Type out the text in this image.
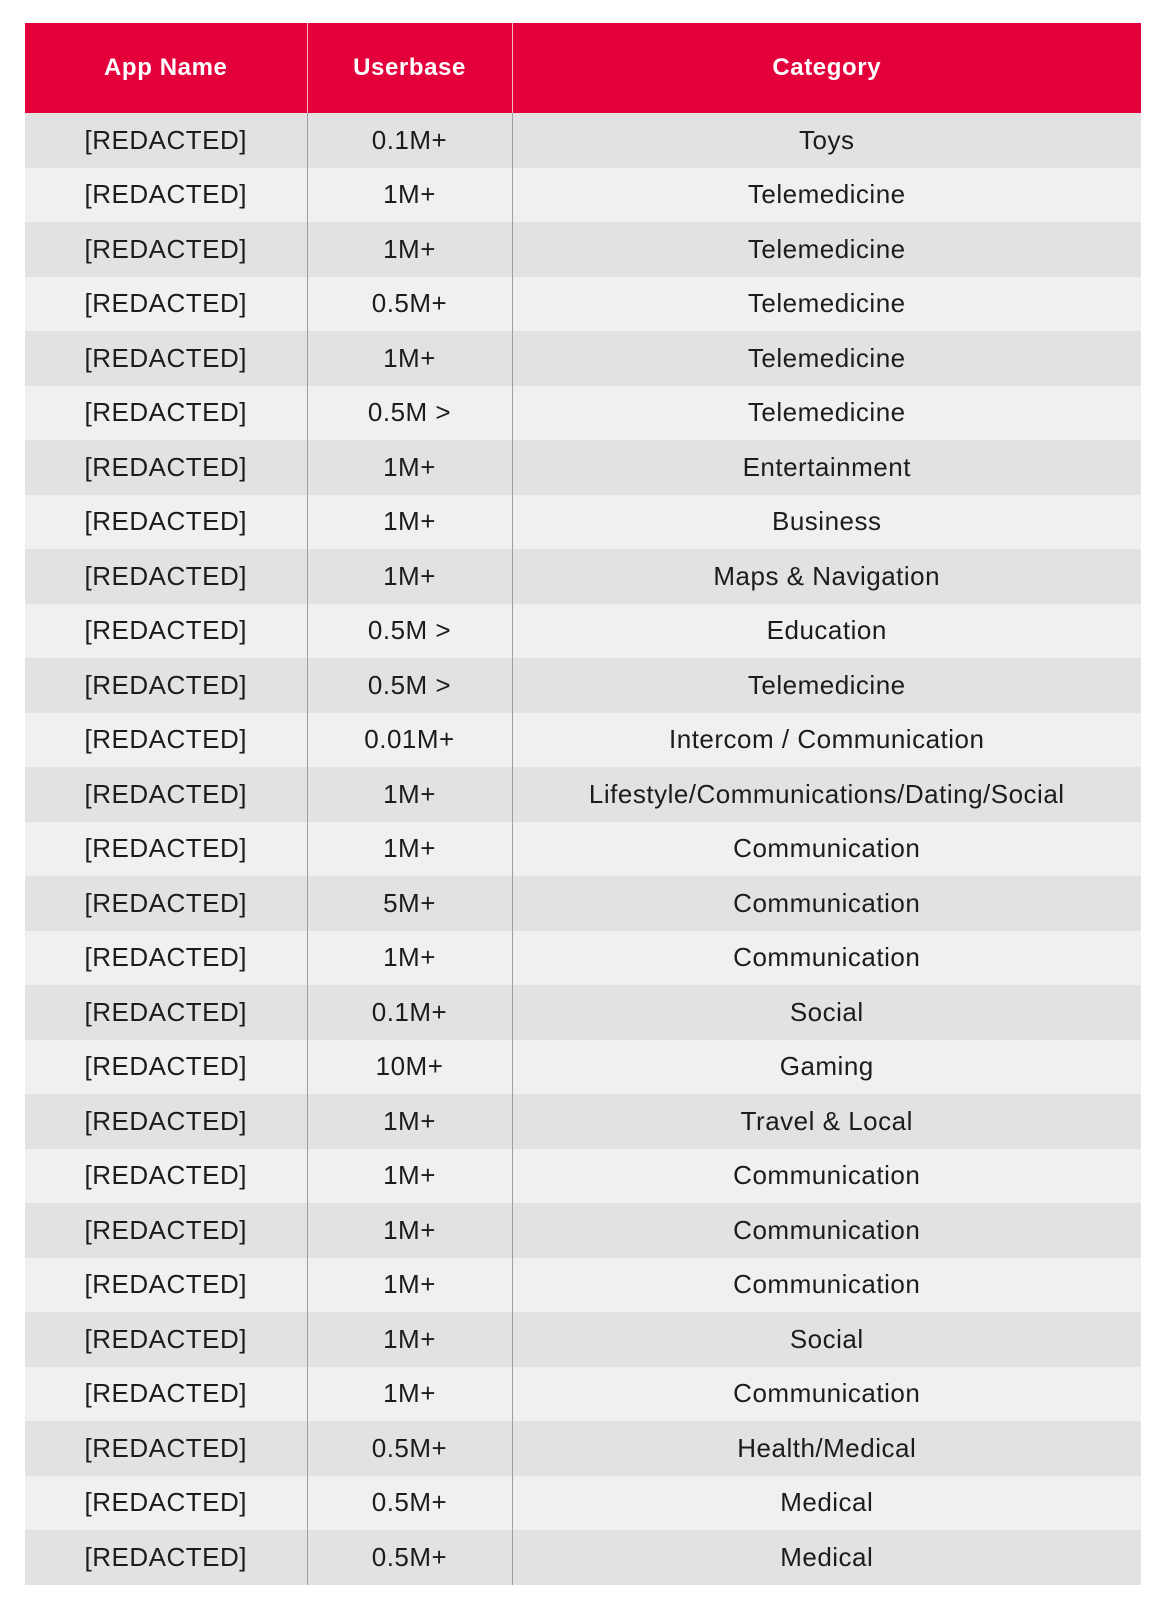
App Name	Userbase	Category
[REDACTED]	0.1M+	Toys
[REDACTED]	1M+	Telemedicine
[REDACTED]	1M+	Telemedicine
[REDACTED]	0.5M+	Telemedicine
[REDACTED]	1M+	Telemedicine
[REDACTED]	0.5M >	Telemedicine
[REDACTED]	1M+	Entertainment
[REDACTED]	1M+	Business
[REDACTED]	1M+	Maps & Navigation
[REDACTED]	0.5M >	Education
[REDACTED]	0.5M >	Telemedicine
[REDACTED]	0.01M+	Intercom / Communication
[REDACTED]	1M+	Lifestyle/Communications/Dating/Social
[REDACTED]	1M+	Communication
[REDACTED]	5M+	Communication
[REDACTED]	1M+	Communication
[REDACTED]	0.1M+	Social
[REDACTED]	10M+	Gaming
[REDACTED]	1M+	Travel & Local
[REDACTED]	1M+	Communication
[REDACTED]	1M+	Communication
[REDACTED]	1M+	Communication
[REDACTED]	1M+	Social
[REDACTED]	1M+	Communication
[REDACTED]	0.5M+	Health/Medical
[REDACTED]	0.5M+	Medical
[REDACTED]	0.5M+	Medical
